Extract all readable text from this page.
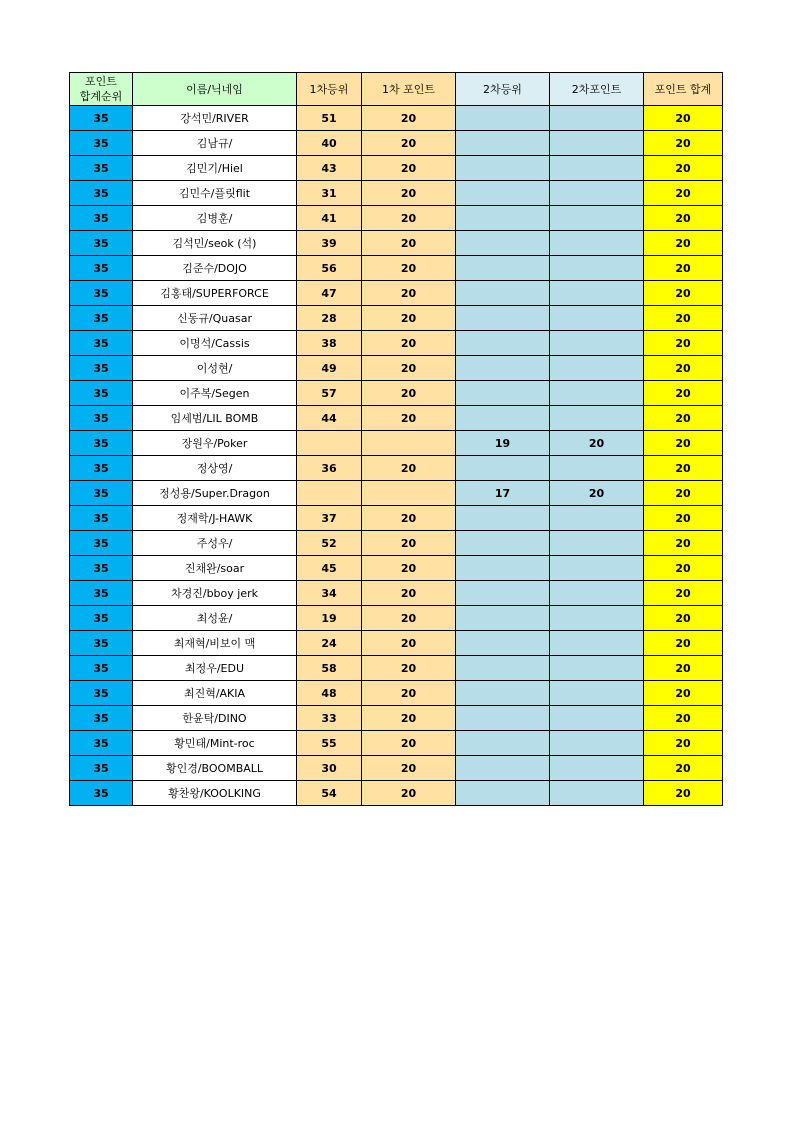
포인트
합계순위	이름/닉네임	1차등위	1차 포인트	2차등위	2차포인트	포인트 합계
35	강석민/RIVER	51	20			20
35	김남규/	40	20			20
35	김민기/Hiel	43	20			20
35	김민수/플릿flit	31	20			20
35	김병훈/	41	20			20
35	김석민/seok (석)	39	20			20
35	김준수/DOJO	56	20			20
35	김홍태/SUPERFORCE	47	20			20
35	신동규/Quasar	28	20			20
35	이명석/Cassis	38	20			20
35	이성현/	49	20			20
35	이주복/Segen	57	20			20
35	임세범/LIL BOMB	44	20			20
35	장원우/Poker			19	20	20
35	정상영/	36	20			20
35	정성용/Super.Dragon			17	20	20
35	정재학/J-HAWK	37	20			20
35	주성우/	52	20			20
35	진채완/soar	45	20			20
35	차경진/bboy jerk	34	20			20
35	최성윤/	19	20			20
35	최재혁/비보이 맥	24	20			20
35	최정우/EDU	58	20			20
35	최진혁/AKIA	48	20			20
35	한윤탁/DINO	33	20			20
35	황민태/Mint-roc	55	20			20
35	황인경/BOOMBALL	30	20			20
35	황찬왕/KOOLKING	54	20			20
